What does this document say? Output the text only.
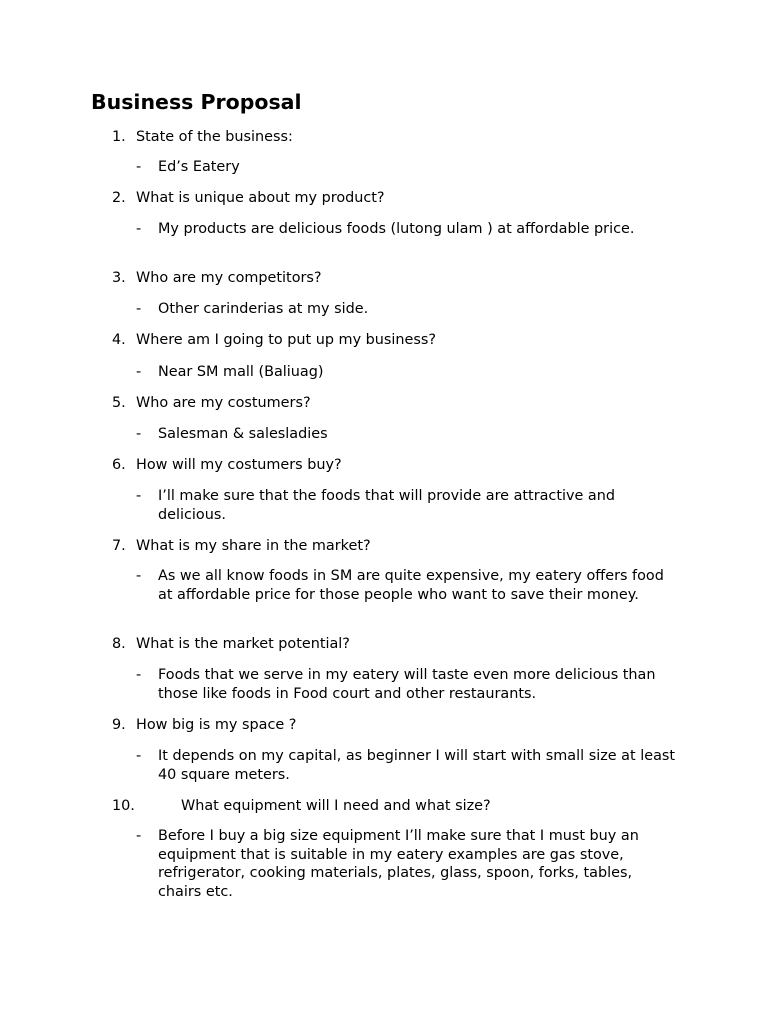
Business Proposal
1. State of the business:
- Ed’s Eatery
2. What is unique about my product?
- My products are delicious foods (lutong ulam ) at affordable price.
3. Who are my competitors?
- Other carinderias at my side.
4. Where am I going to put up my business?
- Near SM mall (Baliuag)
5. Who are my costumers?
- Salesman & salesladies
6. How will my costumers buy?
- I’ll make sure that the foods that will provide are attractive and delicious.
7. What is my share in the market?
- As we all know foods in SM are quite expensive, my eatery offers food at affordable price for those people who want to save their money.
8. What is the market potential?
- Foods that we serve in my eatery will taste even more delicious than those like foods in Food court and other restaurants.
9. How big is my space ?
- It depends on my capital, as beginner I will start with small size at least 40 square meters.
10.	What equipment will I need and what size?
- Before I buy a big size equipment I’ll make sure that I must buy an equipment that is suitable in my eatery examples are gas stove, refrigerator, cooking materials, plates, glass, spoon, forks, tables, chairs etc.
